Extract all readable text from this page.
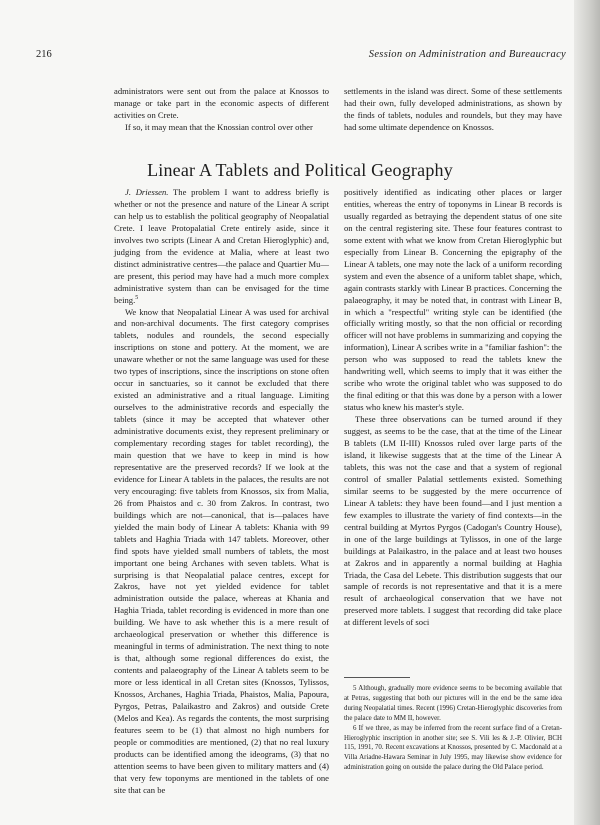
216	Session on Administration and Bureaucracy

administrators were sent out from the palace at Knossos to manage or take part in the economic aspects of different activities on Crete.

If so, it may mean that the Knossian control over other

settlements in the island was direct. Some of these settlements had their own, fully developed administrations, as shown by the finds of tablets, nodules and roundels, but they may have had some ultimate dependence on Knossos.

Linear A Tablets and Political Geography

J. Driessen. The problem I want to address briefly is whether or not the presence and nature of the Linear A script can help us to establish the political geography of Neopalatial Crete. I leave Protopalatial Crete entirely aside, since it involves two scripts (Linear A and Cretan Hieroglyphic) and, judging from the evidence at Malia, where at least two distinct administrative centres—the palace and Quartier Mu—are present, this period may have had a much more complex administrative system than can be envisaged for the time being.$^5$

We know that Neopalatial Linear A was used for archival and non-archival documents. The first category comprises tablets, nodules and roundels, the second especially inscriptions on stone and pottery. At the moment, we are unaware whether or not the same language was used for these two types of inscriptions, since the inscriptions on stone often occur in sanctuaries, so it cannot be excluded that there existed an administrative and a ritual language. Limiting ourselves to the administrative records and especially the tablets (since it may be accepted that whatever other administrative documents exist, they represent preliminary or complementary recording stages for tablet recording), the main question that we have to keep in mind is how representative are the preserved records? If we look at the evidence for Linear A tablets in the palaces, the results are not very encouraging: five tablets from Knossos, six from Malia, 26 from Phaistos and c. 30 from Zakros. In contrast, two buildings which are not—canonical, that is—palaces have yielded the main body of Linear A tablets: Khania with 99 tablets and Haghia Triada with 147 tablets. Moreover, other find spots have yielded small numbers of tablets, the most important one being Archanes with seven tablets. What is surprising is that Neopalatial palace centres, except for Zakros, have not yet yielded evidence for tablet administration outside the palace, whereas at Khania and Haghia Triada, tablet recording is evidenced in more than one building. We have to ask whether this is a mere result of archaeological preservation or whether this difference is meaningful in terms of administration. The next thing to note is that, although some regional differences do exist, the contents and palaeography of the Linear A tablets seem to be more or less identical in all Cretan sites (Knossos, Tylissos, Knossos, Archanes, Haghia Triada, Phaistos, Malia, Papoura, Pyrgos, Petras, Palaikastro and Zakros) and outside Crete (Melos and Kea). As regards the contents, the most surprising features seem to be (1) that almost no high numbers for people or commodities are mentioned, (2) that no real luxury products can be identified among the ideograms, (3) that no attention seems to have been given to military matters and (4) that very few toponyms are mentioned in the tablets of one site that can be

positively identified as indicating other places or larger entities, whereas the entry of toponyms in Linear B records is usually regarded as betraying the dependent status of one site on the central registering site. These four features contrast to some extent with what we know from Cretan Hieroglyphic but especially from Linear B. Concerning the epigraphy of the Linear A tablets, one may note the lack of a uniform recording system and even the absence of a uniform tablet shape, which, again contrasts starkly with Linear B practices. Concerning the palaeography, it may be noted that, in contrast with Linear B, in which a "respectful" writing style can be identified (the officially writing mostly, so that the non official or recording officer will not have problems in summarizing and copying the information), Linear A scribes write in a "familiar fashion": the person who was supposed to read the tablets knew the handwriting well, which seems to imply that it was either the scribe who wrote the original tablet who was supposed to do the final editing or that this was done by a person with a lower status who knew his master's style.

These three observations can be turned around if they suggest, as seems to be the case, that at the time of the Linear B tablets (LM II-III) Knossos ruled over large parts of the island, it likewise suggests that at the time of the Linear A tablets, this was not the case and that a system of regional control of smaller Palatial settlements existed. Something similar seems to be suggested by the mere occurrence of Linear A tablets: they have been found—and I just mention a few examples to illustrate the variety of find contexts—in the central building at Myrtos Pyrgos (Cadogan's Country House), in one of the large buildings at Tylissos, in one of the large buildings at Palaikastro, in the palace and at least two houses at Zakros and in apparently a normal building at Haghia Triada, the Casa del Lebete. This distribution suggests that our sample of records is not representative and that it is a mere result of archaeological conservation that we have not preserved more tablets. I suggest that recording did take place at different levels of soci

5 Although, gradually more evidence seems to be becoming available that at Petras, suggesting that both our pictures will in the end be the same idea during Neopalatial times. Recent (1996) Cretan-Hieroglyphic discoveries from the palace date to MM II, however.

6 If we three, as may be inferred from the recent surface find of a Cretan-Hieroglyphic inscription in another site; see S. Vili les & J.-P. Olivier, BCH 115, 1991, 70. Recent excavations at Knossos, presented by C. Macdonald at a Villa Ariadne-Hawara Seminar in July 1995, may likewise show evidence for administration going on outside the palace during the Old Palace period.
